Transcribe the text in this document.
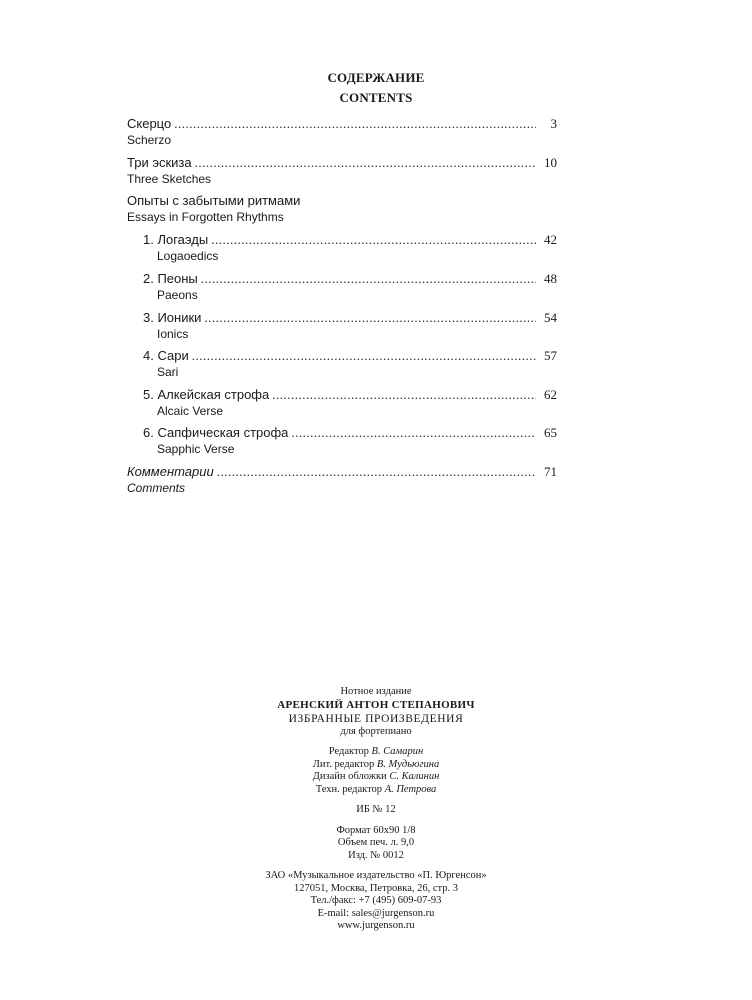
СОДЕРЖАНИЕ
CONTENTS
Скерцо .....	3
Scherzo
Три эскиза .....	10
Three Sketches
Опыты с забытыми ритмами
Essays in Forgotten Rhythms
1. Логаэды .....	42
Logaoedics
2. Пеоны .....	48
Paeons
3. Ионики .....	54
Ionics
4. Сари .....	57
Sari
5. Алкейская строфа .....	62
Alcaic Verse
6. Сапфическая строфа .....	65
Sapphic Verse
Комментарии .....	71
Comments
Нотное издание
АРЕНСКИЙ АНТОН СТЕПАНОВИЧ
ИЗБРАННЫЕ ПРОИЗВЕДЕНИЯ
для фортепиано
Редактор В. Самарин
Лит. редактор В. Мудьюгина
Дизайн обложки С. Калинин
Техн. редактор А. Петрова
ИБ № 12
Формат 60х90 1/8
Объем печ. л. 9,0
Изд. № 0012
ЗАО «Музыкальное издательство «П. Юргенсон»
127051, Москва, Петровка, 26, стр. 3
Тел./факс: +7 (495) 609-07-93
E-mail: sales@jurgenson.ru
www.jurgenson.ru
